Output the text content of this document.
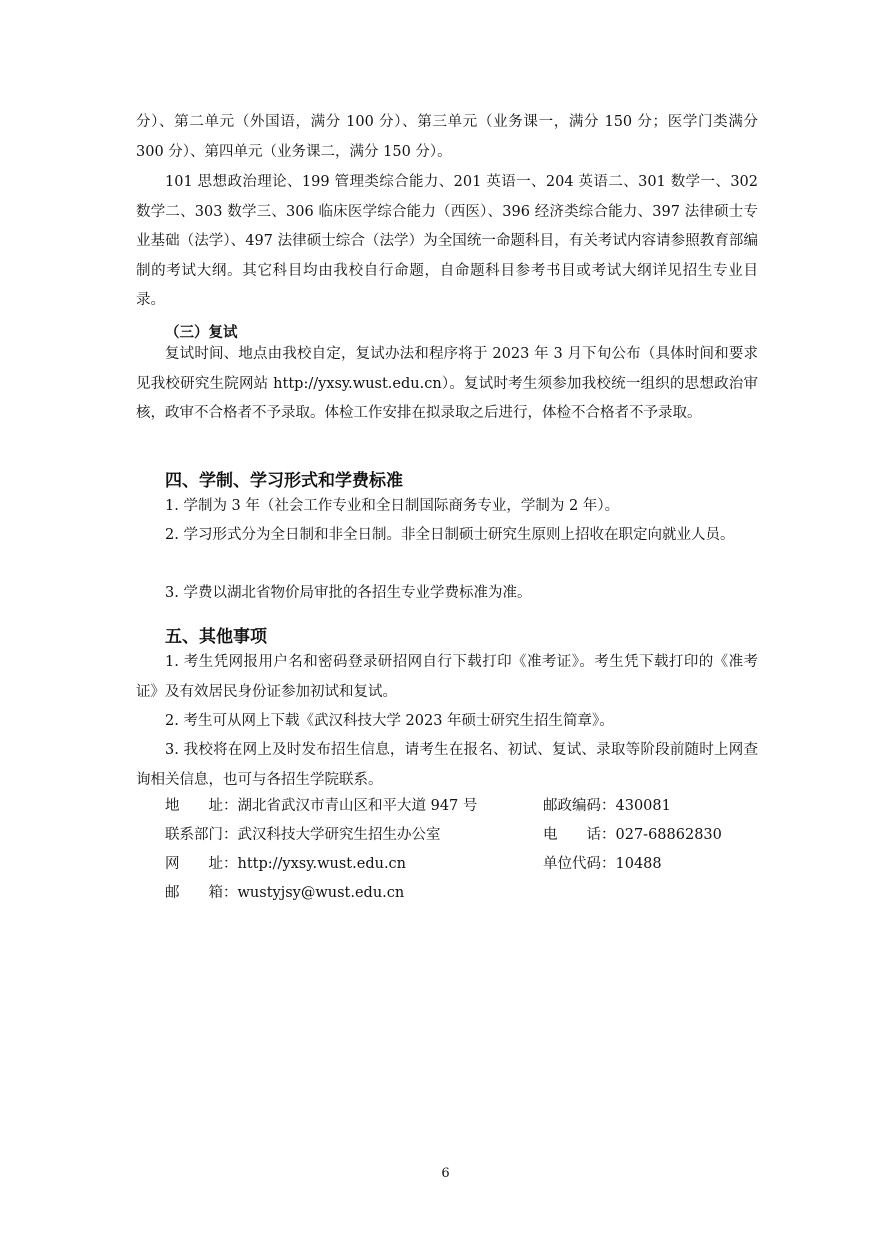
分）、第二单元（外国语，满分 100 分）、第三单元（业务课一，满分 150 分；医学门类满分 300 分）、第四单元（业务课二，满分 150 分）。

101 思想政治理论、199 管理类综合能力、201 英语一、204 英语二、301 数学一、302 数学二、303 数学三、306 临床医学综合能力（西医）、396 经济类综合能力、397 法律硕士专业基础（法学）、497 法律硕士综合（法学）为全国统一命题科目，有关考试内容请参照教育部编制的考试大纲。其它科目均由我校自行命题，自命题科目参考书目或考试大纲详见招生专业目录。

（三）复试

复试时间、地点由我校自定，复试办法和程序将于 2023 年 3 月下旬公布（具体时间和要求见我校研究生院网站 http://yxsy.wust.edu.cn）。复试时考生须参加我校统一组织的思想政治审核，政审不合格者不予录取。体检工作安排在拟录取之后进行，体检不合格者不予录取。

四、学制、学习形式和学费标准

1. 学制为 3 年（社会工作专业和全日制国际商务专业，学制为 2 年）。

2. 学习形式分为全日制和非全日制。非全日制硕士研究生原则上招收在职定向就业人员。

3. 学费以湖北省物价局审批的各招生专业学费标准为准。

五、其他事项

1. 考生凭网报用户名和密码登录研招网自行下载打印《准考证》。考生凭下载打印的《准考证》及有效居民身份证参加初试和复试。

2. 考生可从网上下载《武汉科技大学 2023 年硕士研究生招生简章》。

3. 我校将在网上及时发布招生信息，请考生在报名、初试、复试、录取等阶段前随时上网查询相关信息，也可与各招生学院联系。

地　　址：湖北省武汉市青山区和平大道 947 号	邮政编码：430081
联系部门：武汉科技大学研究生招生办公室	电　　话：027-68862830
网　　址：http://yxsy.wust.edu.cn	单位代码：10488
邮　　箱：wustyjsy@wust.edu.cn
6
